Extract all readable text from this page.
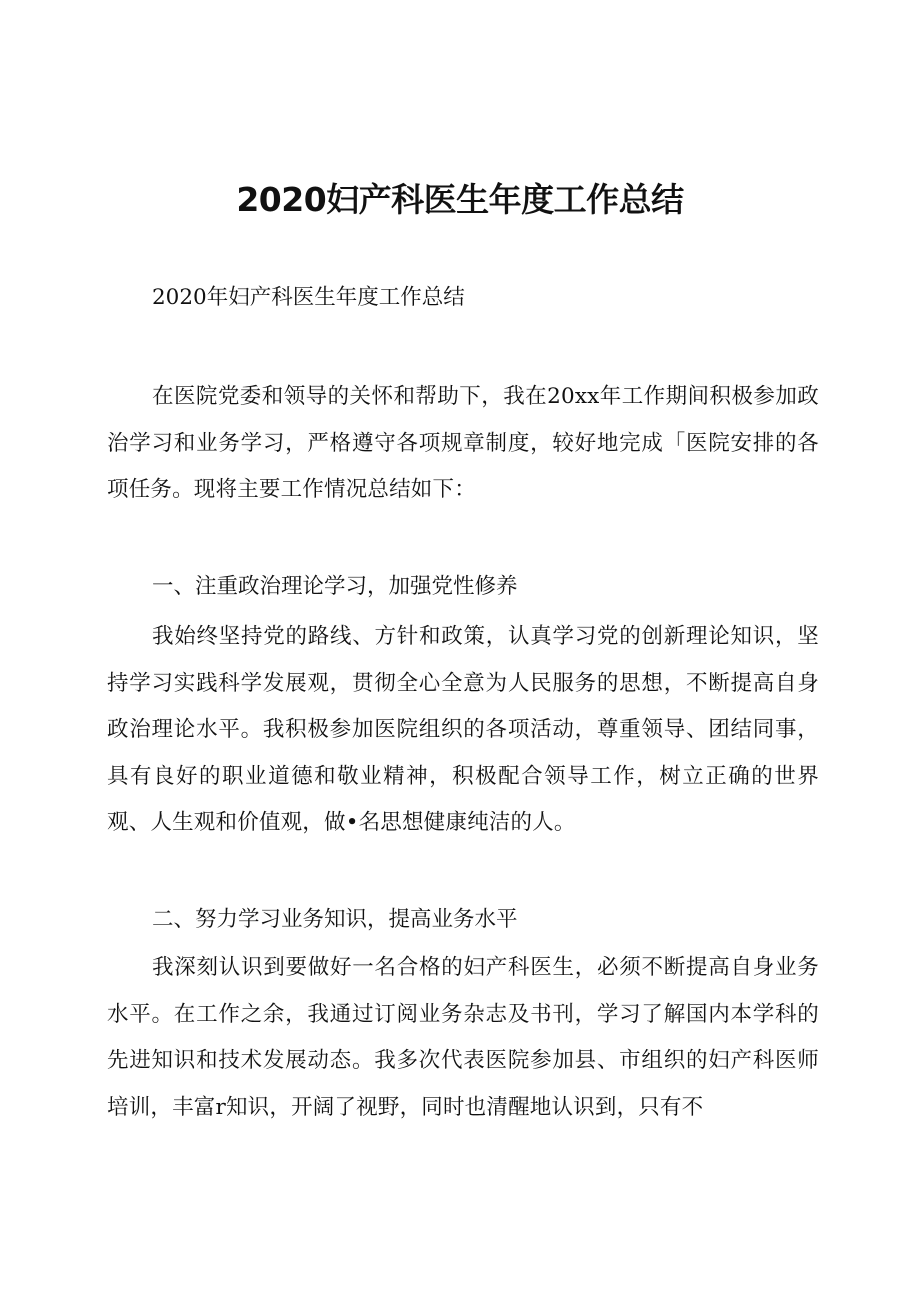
2020妇产科医生年度工作总结

2020年妇产科医生年度工作总结

在医院党委和领导的关怀和帮助下，我在20xx年工作期间积极参加政治学习和业务学习，严格遵守各项规章制度，较好地完成「医院安排的各项任务。现将主要工作情况总结如下：

一、注重政治理论学习，加强党性修养

我始终坚持党的路线、方针和政策，认真学习党的创新理论知识，坚持学习实践科学发展观，贯彻全心全意为人民服务的思想，不断提高自身政治理论水平。我积极参加医院组织的各项活动，尊重领导、团结同事，具有良好的职业道德和敬业精神，积极配合领导工作，树立正确的世界观、人生观和价值观，做•名思想健康纯洁的人。

二、努力学习业务知识，提高业务水平

我深刻认识到要做好一名合格的妇产科医生，必须不断提高自身业务水平。在工作之余，我通过订阅业务杂志及书刊，学习了解国内本学科的先进知识和技术发展动态。我多次代表医院参加县、市组织的妇产科医师培训，丰富r知识，开阔了视野，同时也清醒地认识到，只有不
